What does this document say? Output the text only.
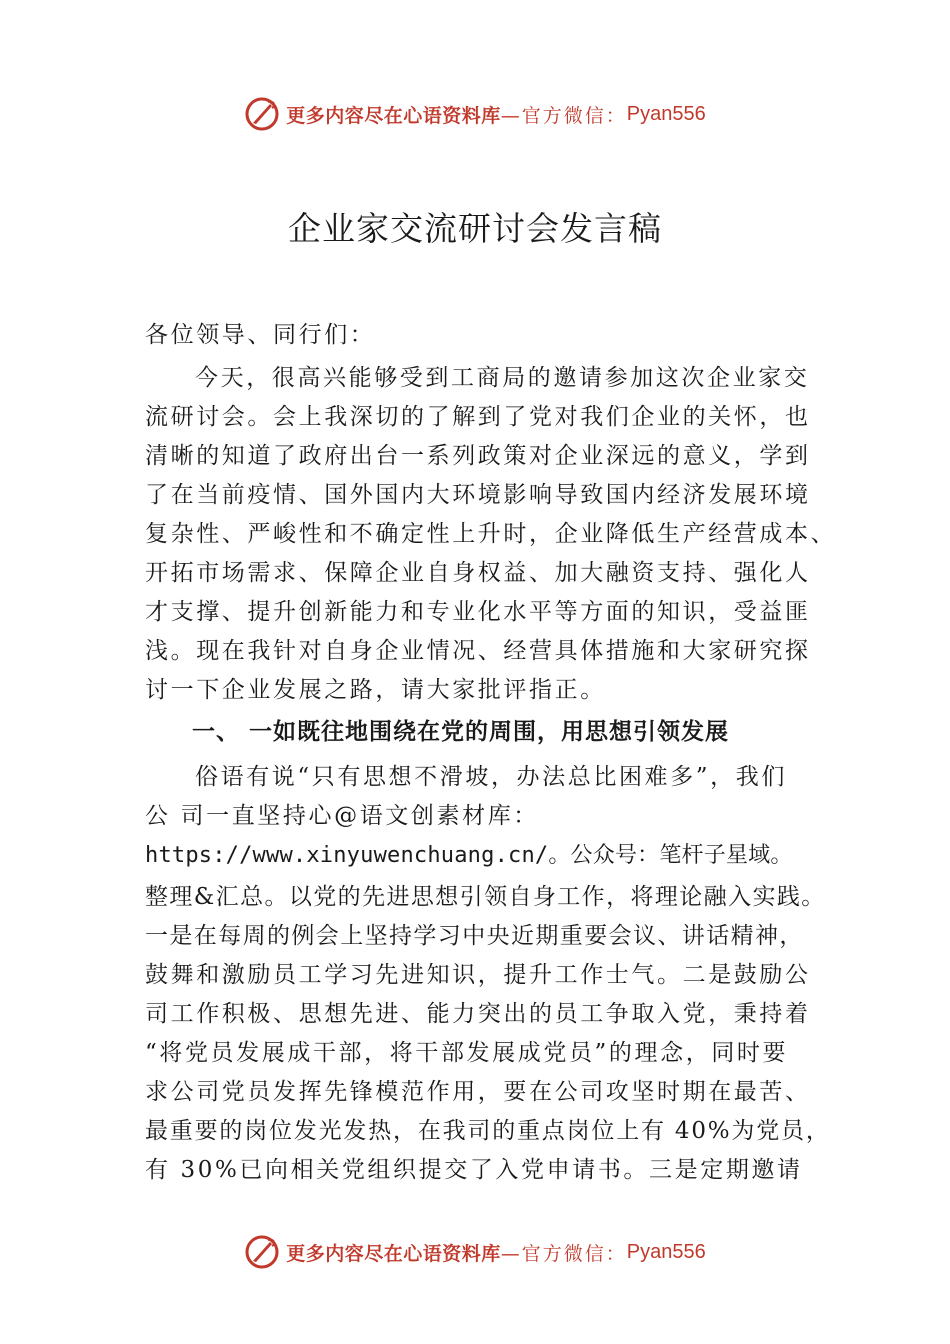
更多内容尽在心语资料库 —官方微信： Pyan556
企业家交流研讨会发言稿
各位领导、同行们：
今天，很高兴能够受到工商局的邀请参加这次企业家交
流研讨会。会上我深切的了解到了党对我们企业的关怀，也
清晰的知道了政府出台一系列政策对企业深远的意义，学到
了在当前疫情、国外国内大环境影响导致国内经济发展环境
复杂性、严峻性和不确定性上升时，企业降低生产经营成本、
开拓市场需求、保障企业自身权益、加大融资支持、强化人
才支撑、提升创新能力和专业化水平等方面的知识，受益匪
浅。现在我针对自身企业情况、经营具体措施和大家研究探
讨一下企业发展之路，请大家批评指正。
一、 一如既往地围绕在党的周围，用思想引领发展
俗语有说“只有思想不滑坡，办法总比困难多”，我们
公 司一直坚持心@语文创素材库：
https://www.xinyuwenchuang.cn/。公众号：笔杆子星域。
整理&汇总。以党的先进思想引领自身工作，将理论融入实践。
一是在每周的例会上坚持学习中央近期重要会议、讲话精神，
鼓舞和激励员工学习先进知识，提升工作士气。二是鼓励公
司工作积极、思想先进、能力突出的员工争取入党，秉持着
“将党员发展成干部，将干部发展成党员”的理念，同时要
求公司党员发挥先锋模范作用，要在公司攻坚时期在最苦、
最重要的岗位发光发热，在我司的重点岗位上有 40%为党员，
有 30%已向相关党组织提交了入党申请书。三是定期邀请
更多内容尽在心语资料库 —官方微信： Pyan556
